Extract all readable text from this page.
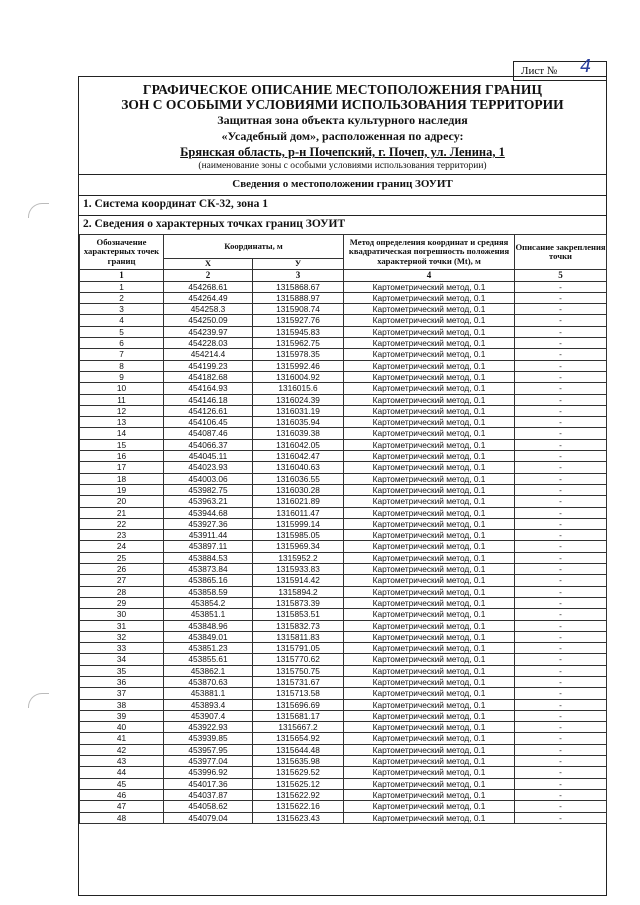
Лист № 4
ГРАФИЧЕСКОЕ ОПИСАНИЕ МЕСТОПОЛОЖЕНИЯ ГРАНИЦ
ЗОН С ОСОБЫМИ УСЛОВИЯМИ ИСПОЛЬЗОВАНИЯ ТЕРРИТОРИИ
Защитная зона объекта культурного наследия
«Усадебный дом», расположенная по адресу:
Брянская область, р-н Почепский, г. Почеп, ул. Ленина, 1
(наименование зоны с особыми условиями использования территории)
Сведения о местоположении границ ЗОУИТ
1. Система координат СК-32, зона 1
2. Сведения о характерных точках границ ЗОУИТ
Обозначение характерных точек границ	Координаты, м		Метод определения координат и средняя квадратическая погрешность положения характерной точки (Mt), м	Описание закрепления точки
	Х	У		
1	2	3	4	5
1	454268.61	1315868.67	Картометрический метод, 0.1	-
2	454264.49	1315888.97	Картометрический метод, 0.1	-
3	454258.3	1315908.74	Картометрический метод, 0.1	-
4	454250.09	1315927.76	Картометрический метод, 0.1	-
5	454239.97	1315945.83	Картометрический метод, 0.1	-
6	454228.03	1315962.75	Картометрический метод, 0.1	-
7	454214.4	1315978.35	Картометрический метод, 0.1	-
8	454199.23	1315992.46	Картометрический метод, 0.1	-
9	454182.68	1316004.92	Картометрический метод, 0.1	-
10	454164.93	1316015.6	Картометрический метод, 0.1	-
11	454146.18	1316024.39	Картометрический метод, 0.1	-
12	454126.61	1316031.19	Картометрический метод, 0.1	-
13	454106.45	1316035.94	Картометрический метод, 0.1	-
14	454087.46	1316039.38	Картометрический метод, 0.1	-
15	454066.37	1316042.05	Картометрический метод, 0.1	-
16	454045.11	1316042.47	Картометрический метод, 0.1	-
17	454023.93	1316040.63	Картометрический метод, 0.1	-
18	454003.06	1316036.55	Картометрический метод, 0.1	-
19	453982.75	1316030.28	Картометрический метод, 0.1	-
20	453963.21	1316021.89	Картометрический метод, 0.1	-
21	453944.68	1316011.47	Картометрический метод, 0.1	-
22	453927.36	1315999.14	Картометрический метод, 0.1	-
23	453911.44	1315985.05	Картометрический метод, 0.1	-
24	453897.11	1315969.34	Картометрический метод, 0.1	-
25	453884.53	1315952.2	Картометрический метод, 0.1	-
26	453873.84	1315933.83	Картометрический метод, 0.1	-
27	453865.16	1315914.42	Картометрический метод, 0.1	-
28	453858.59	1315894.2	Картометрический метод, 0.1	-
29	453854.2	1315873.39	Картометрический метод, 0.1	-
30	453851.1	1315853.51	Картометрический метод, 0.1	-
31	453848.96	1315832.73	Картометрический метод, 0.1	-
32	453849.01	1315811.83	Картометрический метод, 0.1	-
33	453851.23	1315791.05	Картометрический метод, 0.1	-
34	453855.61	1315770.62	Картометрический метод, 0.1	-
35	453862.1	1315750.75	Картометрический метод, 0.1	-
36	453870.63	1315731.67	Картометрический метод, 0.1	-
37	453881.1	1315713.58	Картометрический метод, 0.1	-
38	453893.4	1315696.69	Картометрический метод, 0.1	-
39	453907.4	1315681.17	Картометрический метод, 0.1	-
40	453922.93	1315667.2	Картометрический метод, 0.1	-
41	453939.85	1315654.92	Картометрический метод, 0.1	-
42	453957.95	1315644.48	Картометрический метод, 0.1	-
43	453977.04	1315635.98	Картометрический метод, 0.1	-
44	453996.92	1315629.52	Картометрический метод, 0.1	-
45	454017.36	1315625.12	Картометрический метод, 0.1	-
46	454037.87	1315622.92	Картометрический метод, 0.1	-
47	454058.62	1315622.16	Картометрический метод, 0.1	-
48	454079.04	1315623.43	Картометрический метод, 0.1	-
